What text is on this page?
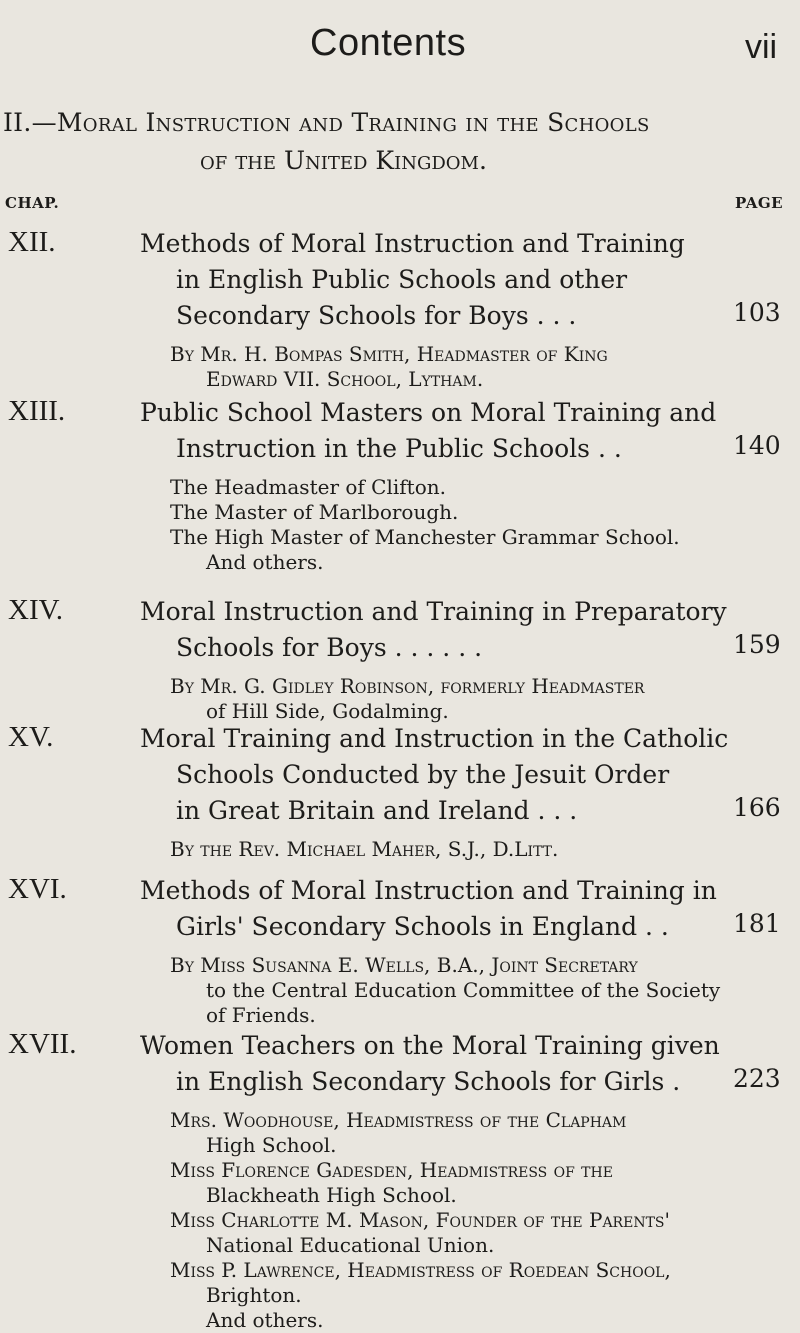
Contents	vii
II.—Moral Instruction and Training in the Schools
of the United Kingdom.
CHAP.	PAGE
XII.	Methods of Moral Instruction and Training
in English Public Schools and other
Secondary Schools for Boys . . .	103
By Mr. H. Bompas Smith, Headmaster of King
Edward VII. School, Lytham.
XIII.	Public School Masters on Moral Training and
Instruction in the Public Schools . .	140
The Headmaster of Clifton.
The Master of Marlborough.
The High Master of Manchester Grammar School.
And others.
XIV.	Moral Instruction and Training in Preparatory
Schools for Boys . . . . . .	159
By Mr. G. Gidley Robinson, formerly Headmaster
of Hill Side, Godalming.
XV.	Moral Training and Instruction in the Catholic
Schools Conducted by the Jesuit Order
in Great Britain and Ireland . . .	166
By the Rev. Michael Maher, S.J., D.Litt.
XVI.	Methods of Moral Instruction and Training in
Girls' Secondary Schools in England . .	181
By Miss Susanna E. Wells, B.A., Joint Secretary
to the Central Education Committee of the Society
of Friends.
XVII.	Women Teachers on the Moral Training given
in English Secondary Schools for Girls .	223
Mrs. Woodhouse, Headmistress of the Clapham
High School.
Miss Florence Gadesden, Headmistress of the
Blackheath High School.
Miss Charlotte M. Mason, Founder of the Parents'
National Educational Union.
Miss P. Lawrence, Headmistress of Roedean School,
Brighton.
And others.
